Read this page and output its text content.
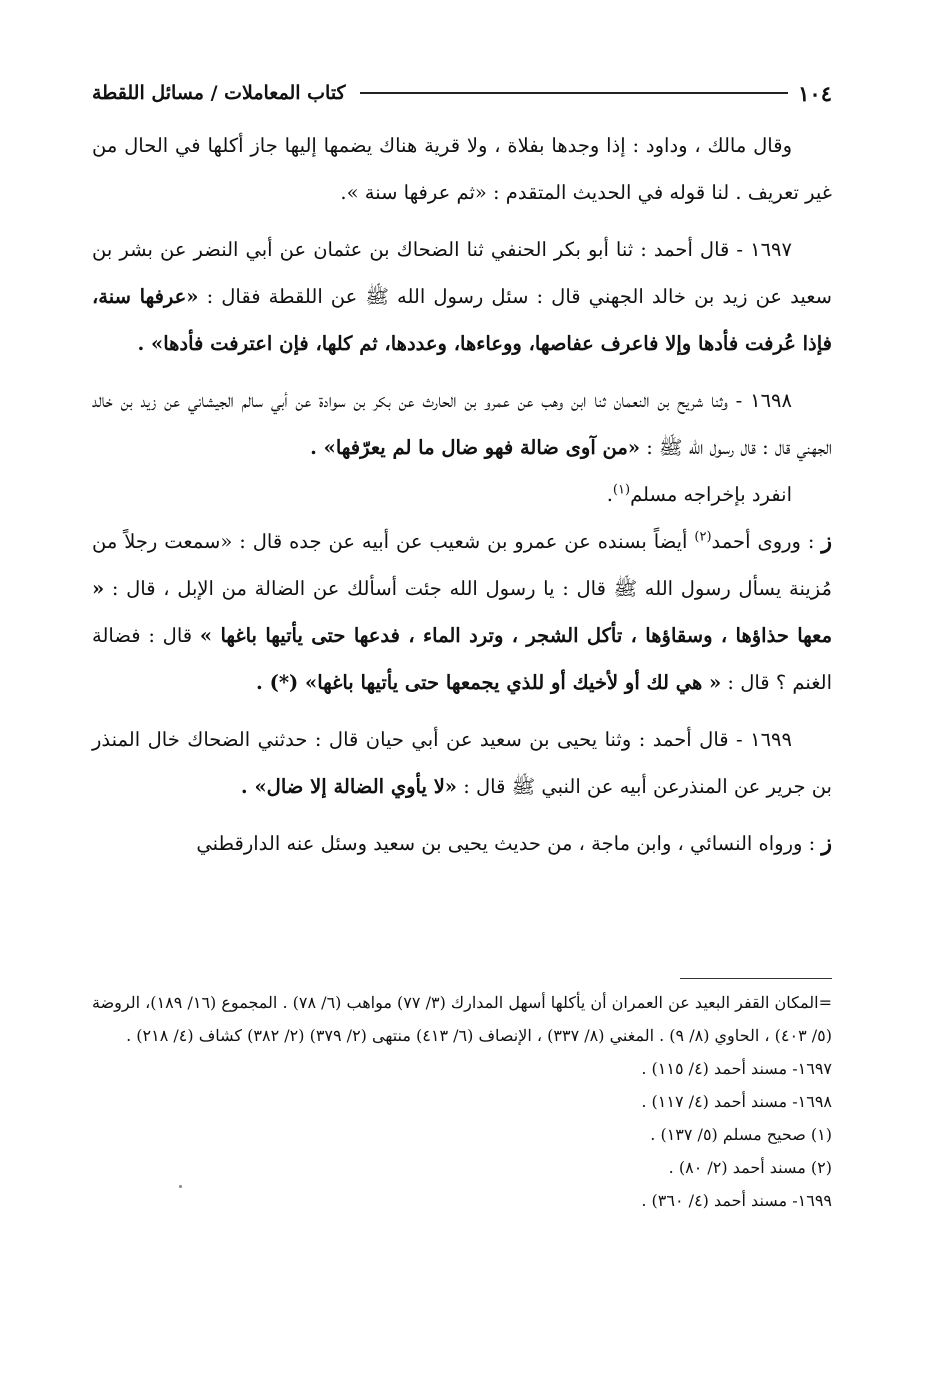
١٠٤
كتاب المعاملات / مسائل اللقطة

وقال مالك ، وداود : إذا وجدها بفلاة ، ولا قرية هناك يضمها إليها جاز أكلها في الحال من غير تعريف . لنا قوله في الحديث المتقدم : «ثم عرفها سنة ».

١٦٩٧ - قال أحمد : ثنا أبو بكر الحنفي ثنا الضحاك بن عثمان عن أبي النضر عن بشر بن سعيد عن زيد بن خالد الجهني قال : سئل رسول الله ﷺ عن اللقطة فقال : «عرفها سنة، فإذا عُرفت فأدها وإلا فاعرف عفاصها، ووعاءها، وعددها، ثم كلها، فإن اعترفت فأدها» .

١٦٩٨ - وثنا شريح بن النعمان ثنا ابن وهب عن عمرو بن الحارث عن بكر بن سوادة عن أبي سالم الجيشاني عن زيد بن خالد الجهني قال : قال رسول الله ﷺ : «من آوى ضالة فهو ضال ما لم يعرّفها» .

انفرد بإخراجه مسلم$^{(١)}$.

ز : وروى أحمد$^{(٢)}$ أيضاً بسنده عن عمرو بن شعيب عن أبيه عن جده قال : «سمعت رجلاً من مُزينة يسأل رسول الله ﷺ قال : يا رسول الله جئت أسألك عن الضالة من الإبل ، قال : « معها حذاؤها ، وسقاؤها ، تأكل الشجر ، وترد الماء ، فدعها حتى يأتيها باغها » قال : فضالة الغنم ؟ قال : « هي لك أو لأخيك أو للذي يجمعها حتى يأتيها باغها» (*) .

١٦٩٩ - قال أحمد : وثنا يحيى بن سعيد عن أبي حيان قال : حدثني الضحاك خال المنذر بن جرير عن المنذرعن أبيه عن النبي ﷺ قال : «لا يأوي الضالة إلا ضال» .

ز : ورواه النسائي ، وابن ماجة ، من حديث يحيى بن سعيد وسئل عنه الدارقطني

=المكان القفر البعيد عن العمران أن يأكلها أسهل المدارك (٣/ ٧٧) مواهب (٦/ ٧٨) . المجموع (١٦/ ١٨٩)، الروضة (٥/ ٤٠٣) ، الحاوي (٨/ ٩) . المغني (٨/ ٣٣٧) ، الإنصاف (٦/ ٤١٣) منتهى (٢/ ٣٧٩) (٢/ ٣٨٢) كشاف (٤/ ٢١٨) .

١٦٩٧- مسند أحمد (٤/ ١١٥) .

١٦٩٨- مسند أحمد (٤/ ١١٧) .

(١) صحيح مسلم (٥/ ١٣٧) .

(٢) مسند أحمد (٢/ ٨٠) .

١٦٩٩- مسند أحمد (٤/ ٣٦٠) .
